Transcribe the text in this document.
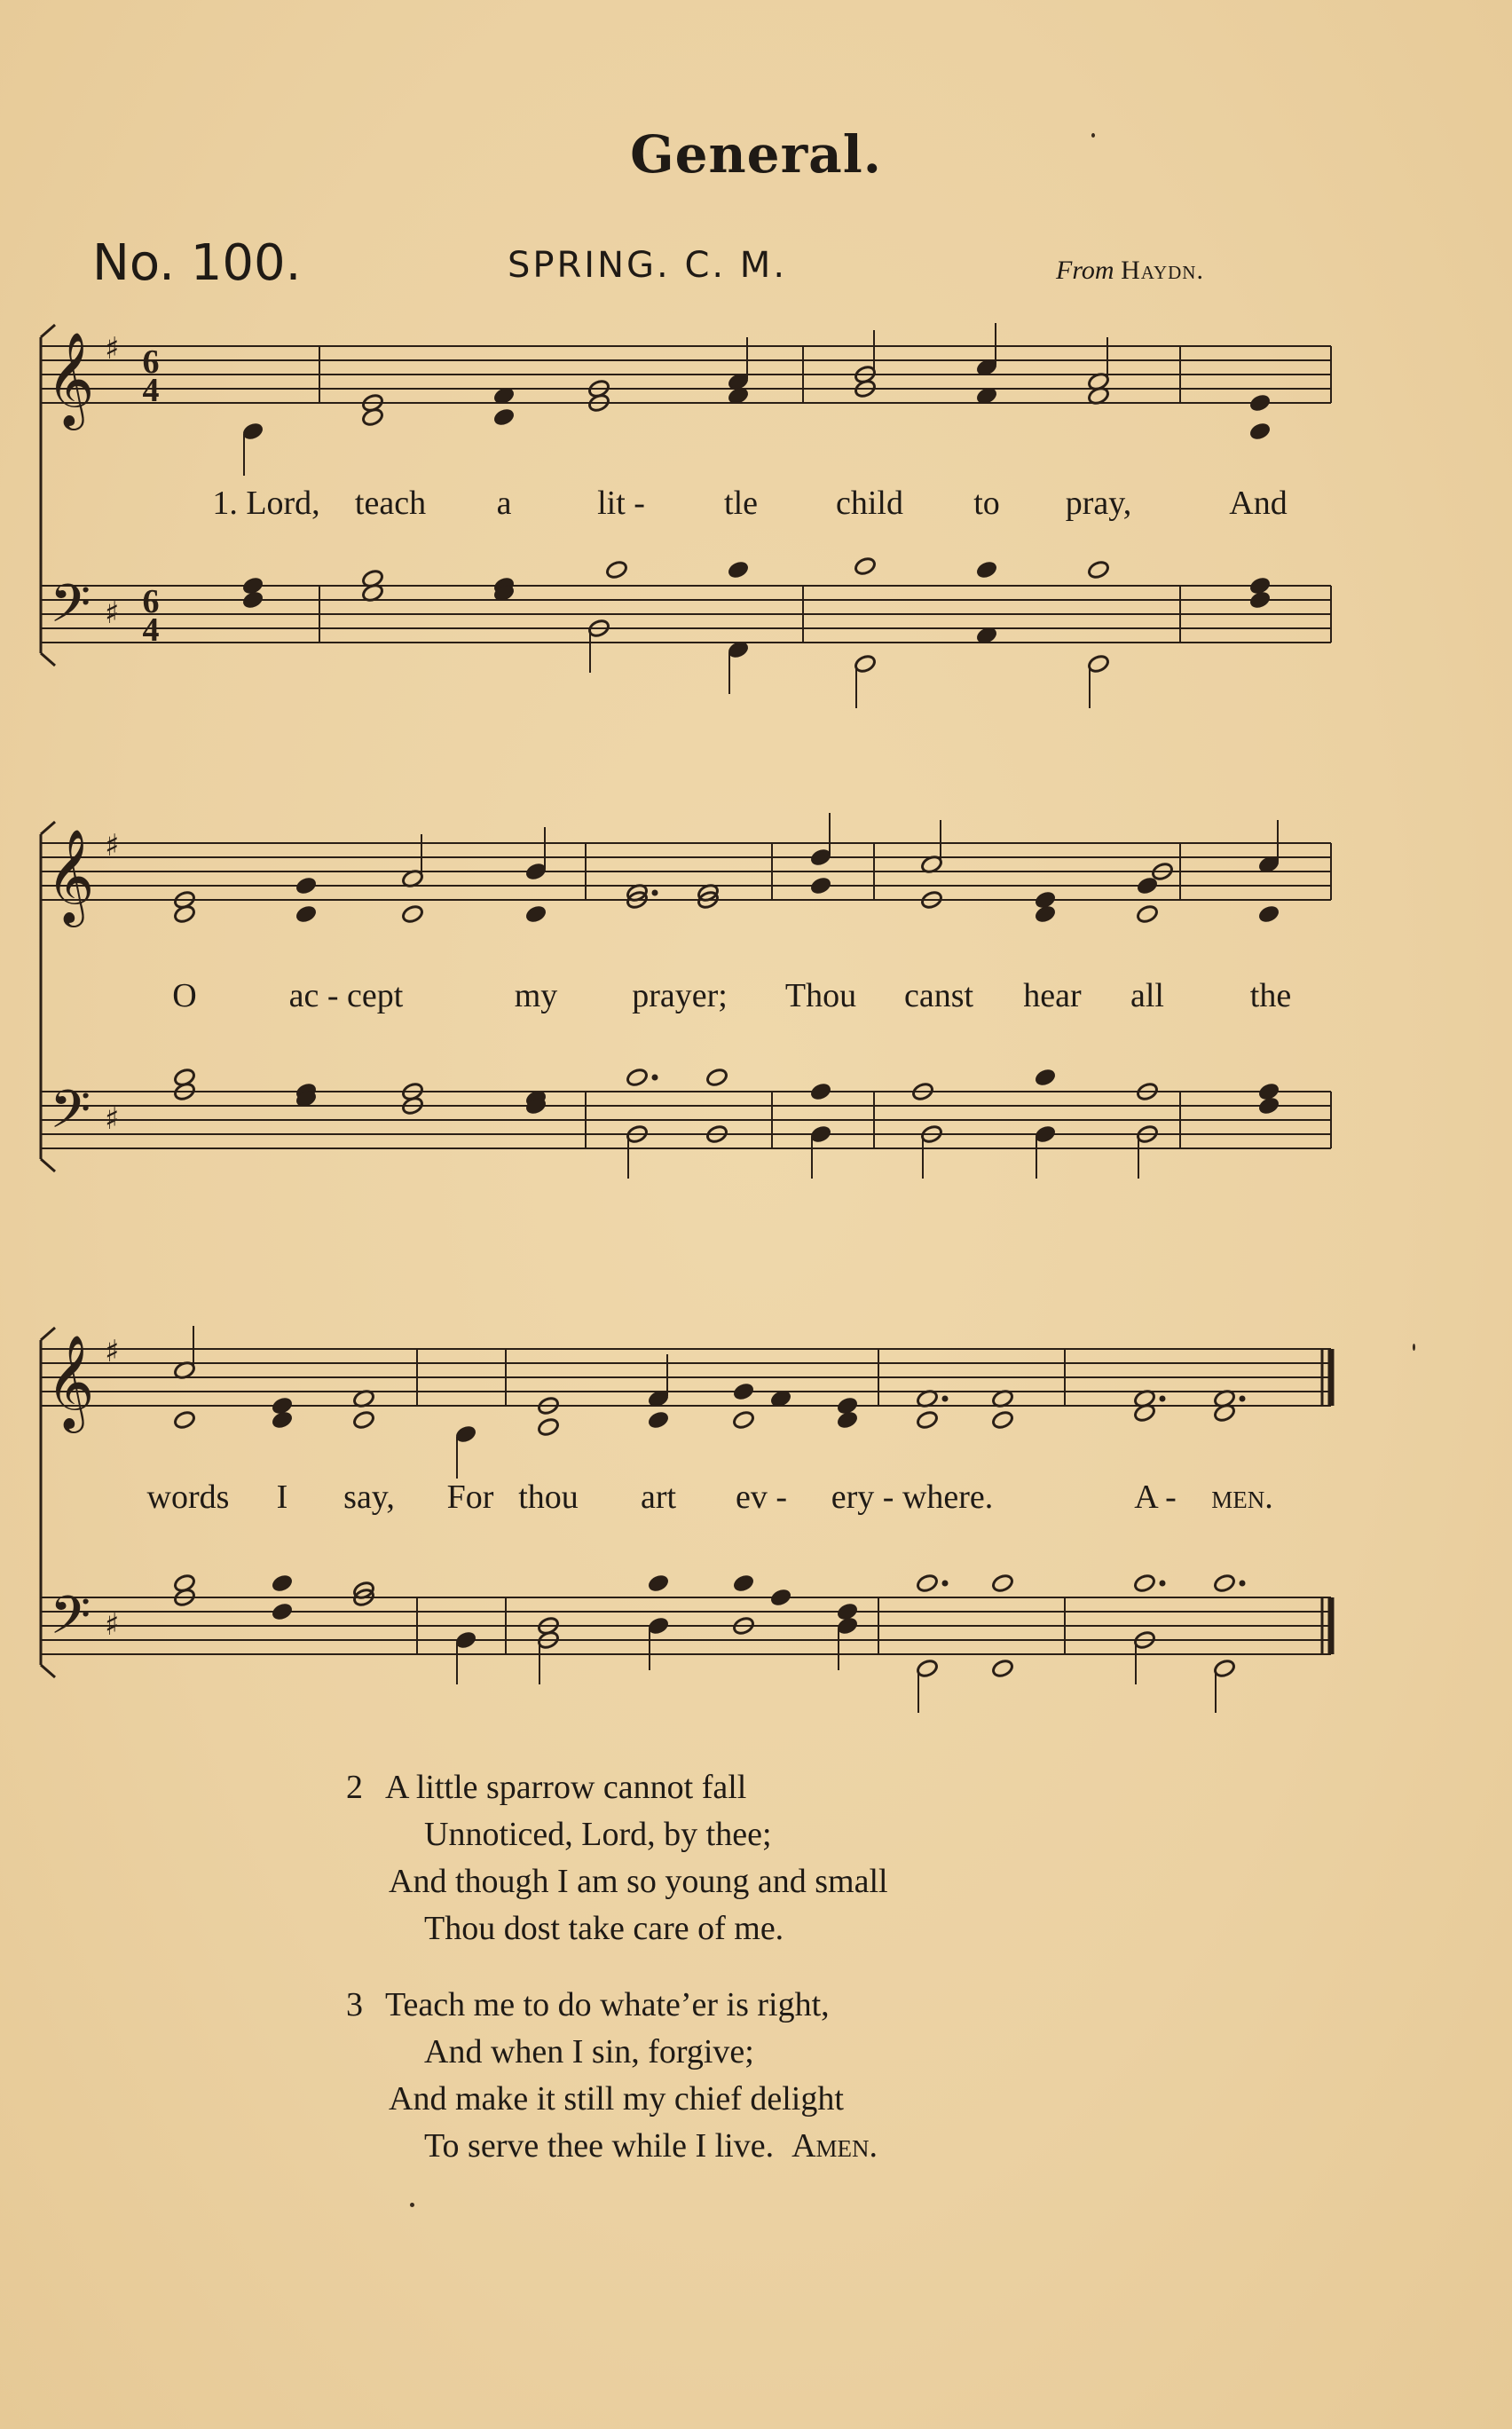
General.
No. 100.	SPRING. C. M.	From Haydn.
𝄞
𝄢
♯
♯
6
4
6
4
1. Lord, teach a	lit - tle child to pray,	And
𝄞
𝄢
♯
♯
O	ac - cept	my prayer; Thou canst hear all	the
𝄞
𝄢
♯
♯
words I say, For thou art ev - ery - where.	A - men.
2 A little sparrow cannot fall
Unnoticed, Lord, by thee;
And though I am so young and small
Thou dost take care of me.
3 Teach me to do whate’er is right,
And when I sin, forgive;
And make it still my chief delight
To serve thee while I live. Amen.
